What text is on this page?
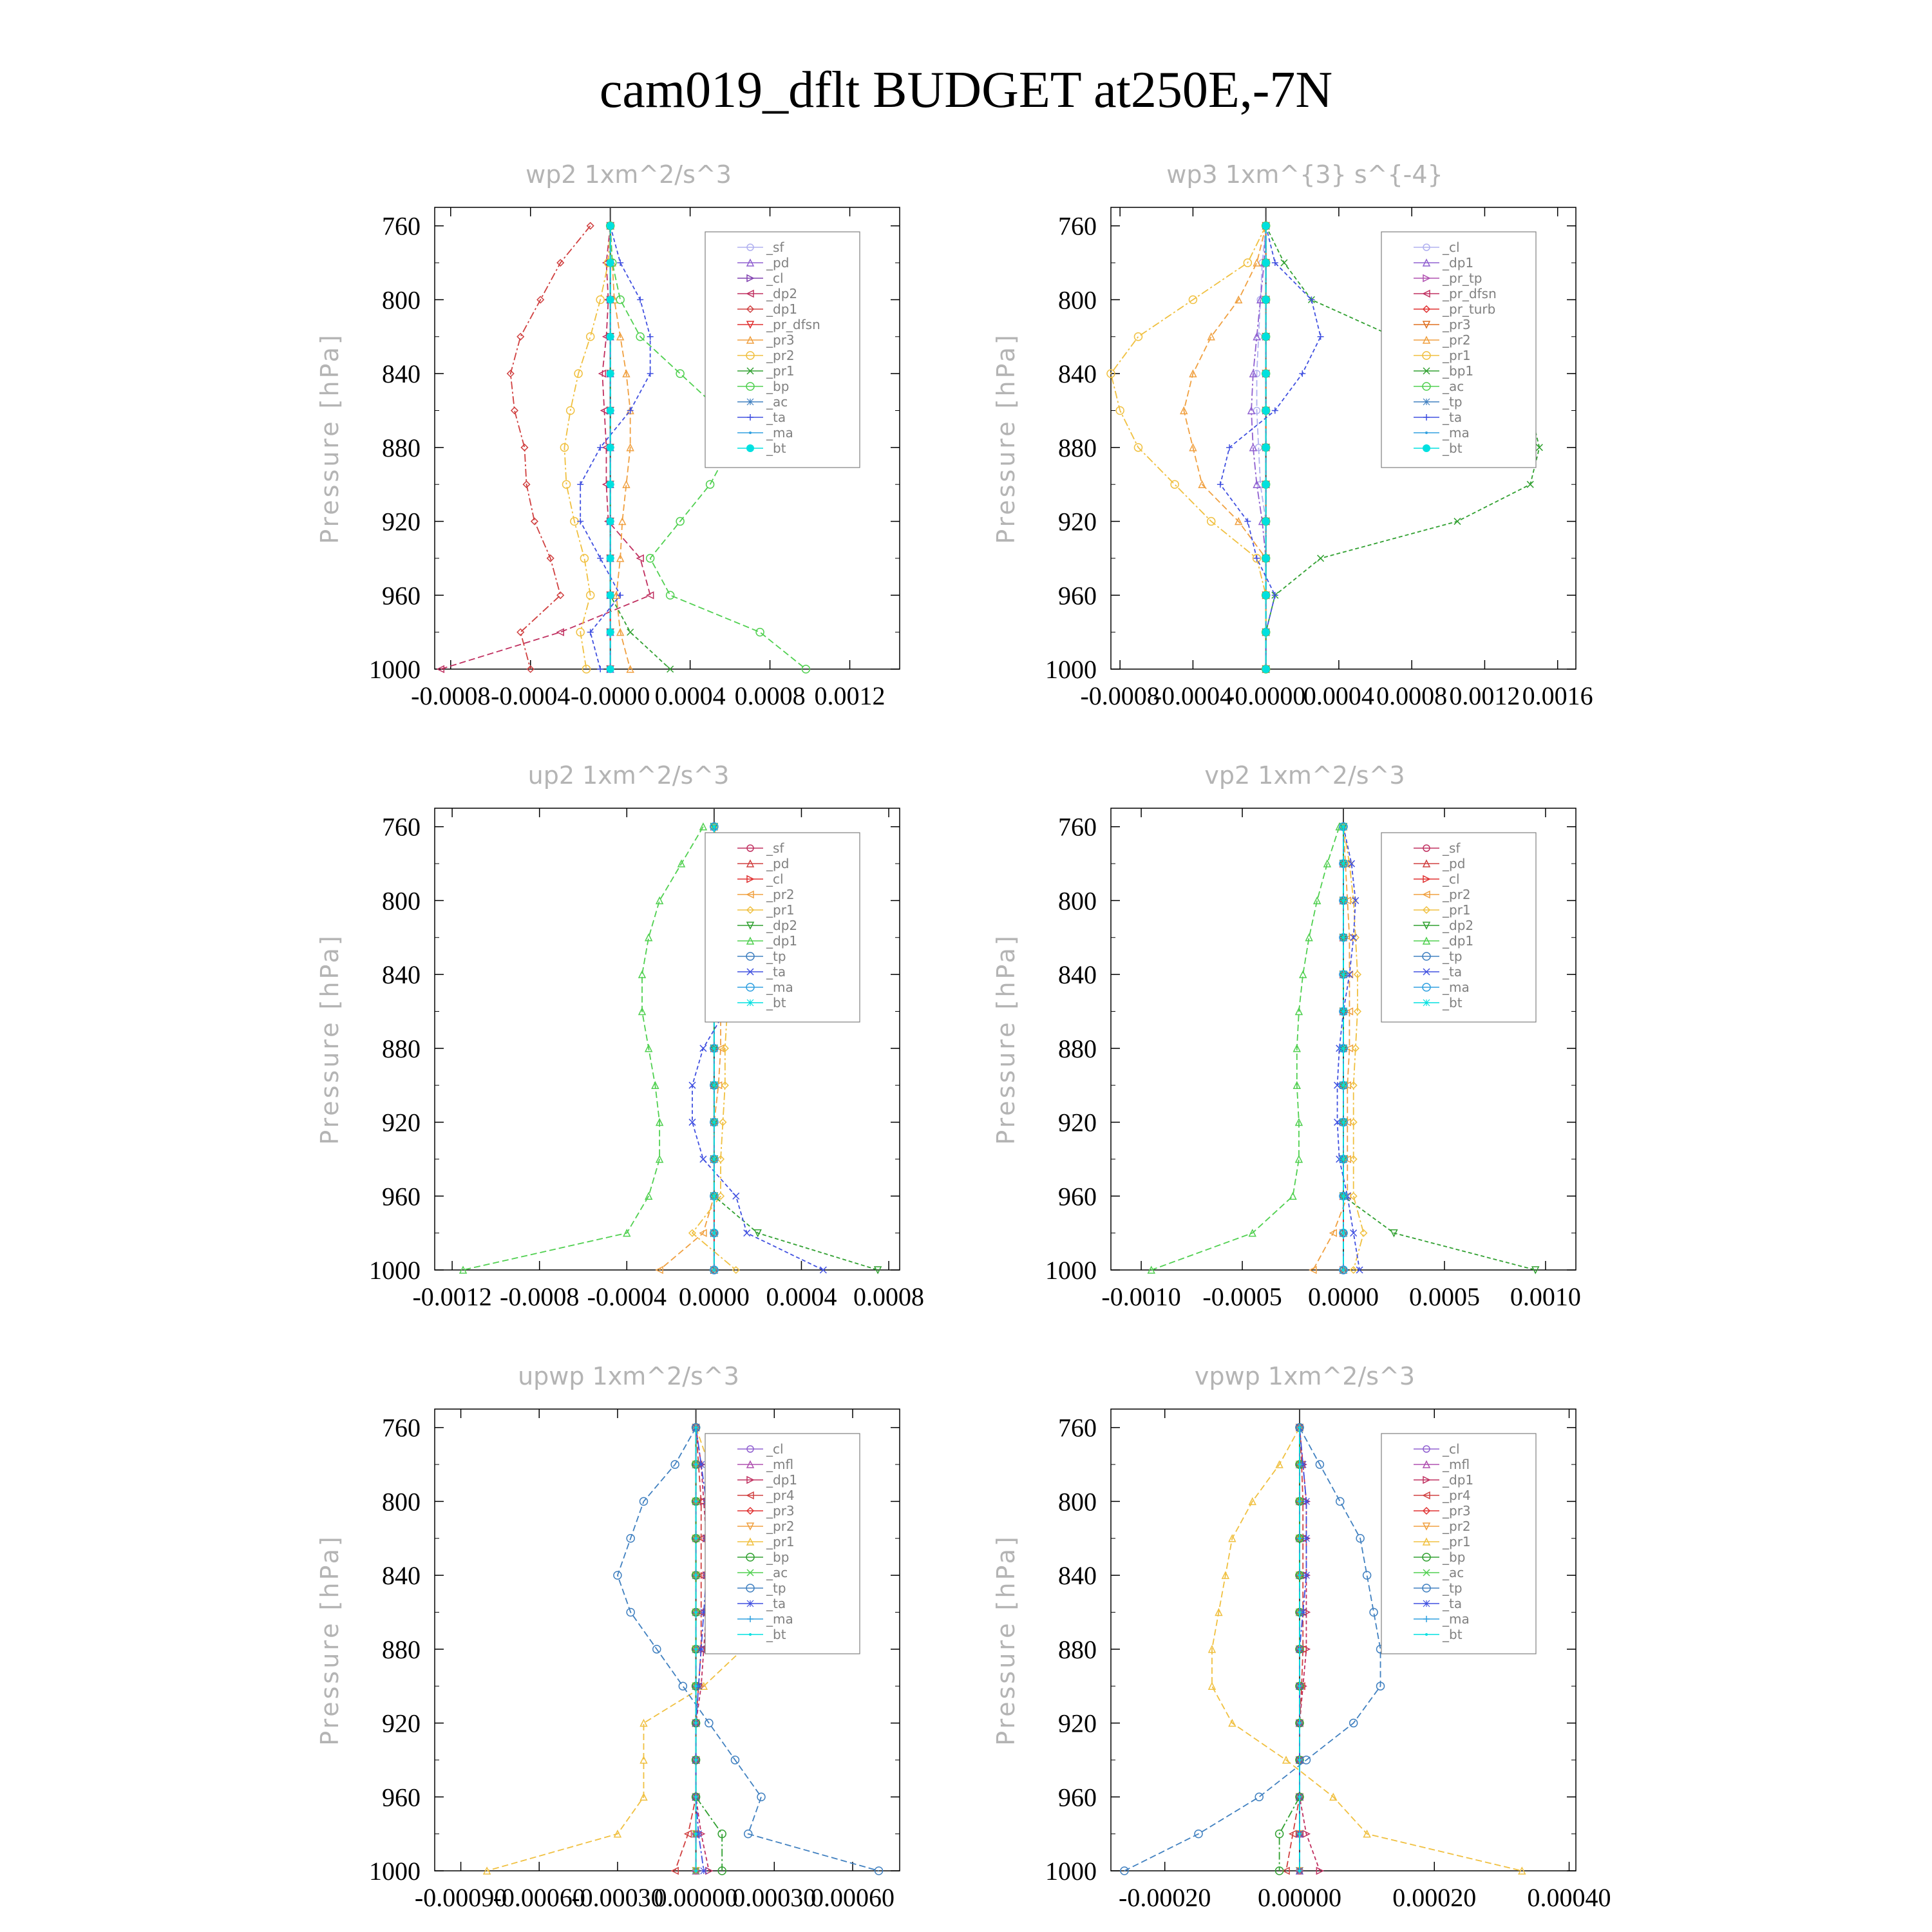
cam019_dflt BUDGET at250E,-7N
wp2 1xm^2/s^3
760
800
840
880
920
960
1000
-0.0008 -0.0004 -0.0000 0.0004 0.0008 0.0012
Pressure [hPa]
_sf
_pd
_cl
_dp2
_dp1
_pr_dfsn
_pr3
_pr2
_pr1
_bp
_ac
_ta
_ma
_bt
wp3 1xm^{3} s^{-4}
760
800
840
880
920
960
1000
-0.0008
-0.0004
-0.0000
0.0004 0.0008 0.0012 0.0016
Pressure [hPa]
_cl
_dp1
_pr_tp
_pr_dfsn
_pr_turb
_pr3
_pr2
_pr1
_bp1
_ac
_tp
_ta
_ma
_bt
up2 1xm^2/s^3
760
800
840
880
920
960
1000
-0.0012 -0.0008 -0.0004 0.0000 0.0004 0.0008
Pressure [hPa]
_sf
_pd
_cl
_pr2
_pr1
_dp2
_dp1
_tp
_ta
_ma
_bt
vp2 1xm^2/s^3
760
800
840
880
920
960
1000
-0.0010 -0.0005 0.0000 0.0005 0.0010
Pressure [hPa]
_sf
_pd
_cl
_pr2
_pr1
_dp2
_dp1
_tp
_ta
_ma
_bt
upwp 1xm^2/s^3
760
800
840
880
920
960
1000
-0.00090
-0.00060
-0.00030
0.00000
0.00030
0.00060
Pressure [hPa]
_cl
_mfl
_dp1
_pr4
_pr3
_pr2
_pr1
_bp
_ac
_tp
_ta
_ma
_bt
vpwp 1xm^2/s^3
760
800
840
880
920
960
1000
-0.00020 0.00000 0.00020 0.00040
Pressure [hPa]
_cl
_mfl
_dp1
_pr4
_pr3
_pr2
_pr1
_bp
_ac
_tp
_ta
_ma
_bt
